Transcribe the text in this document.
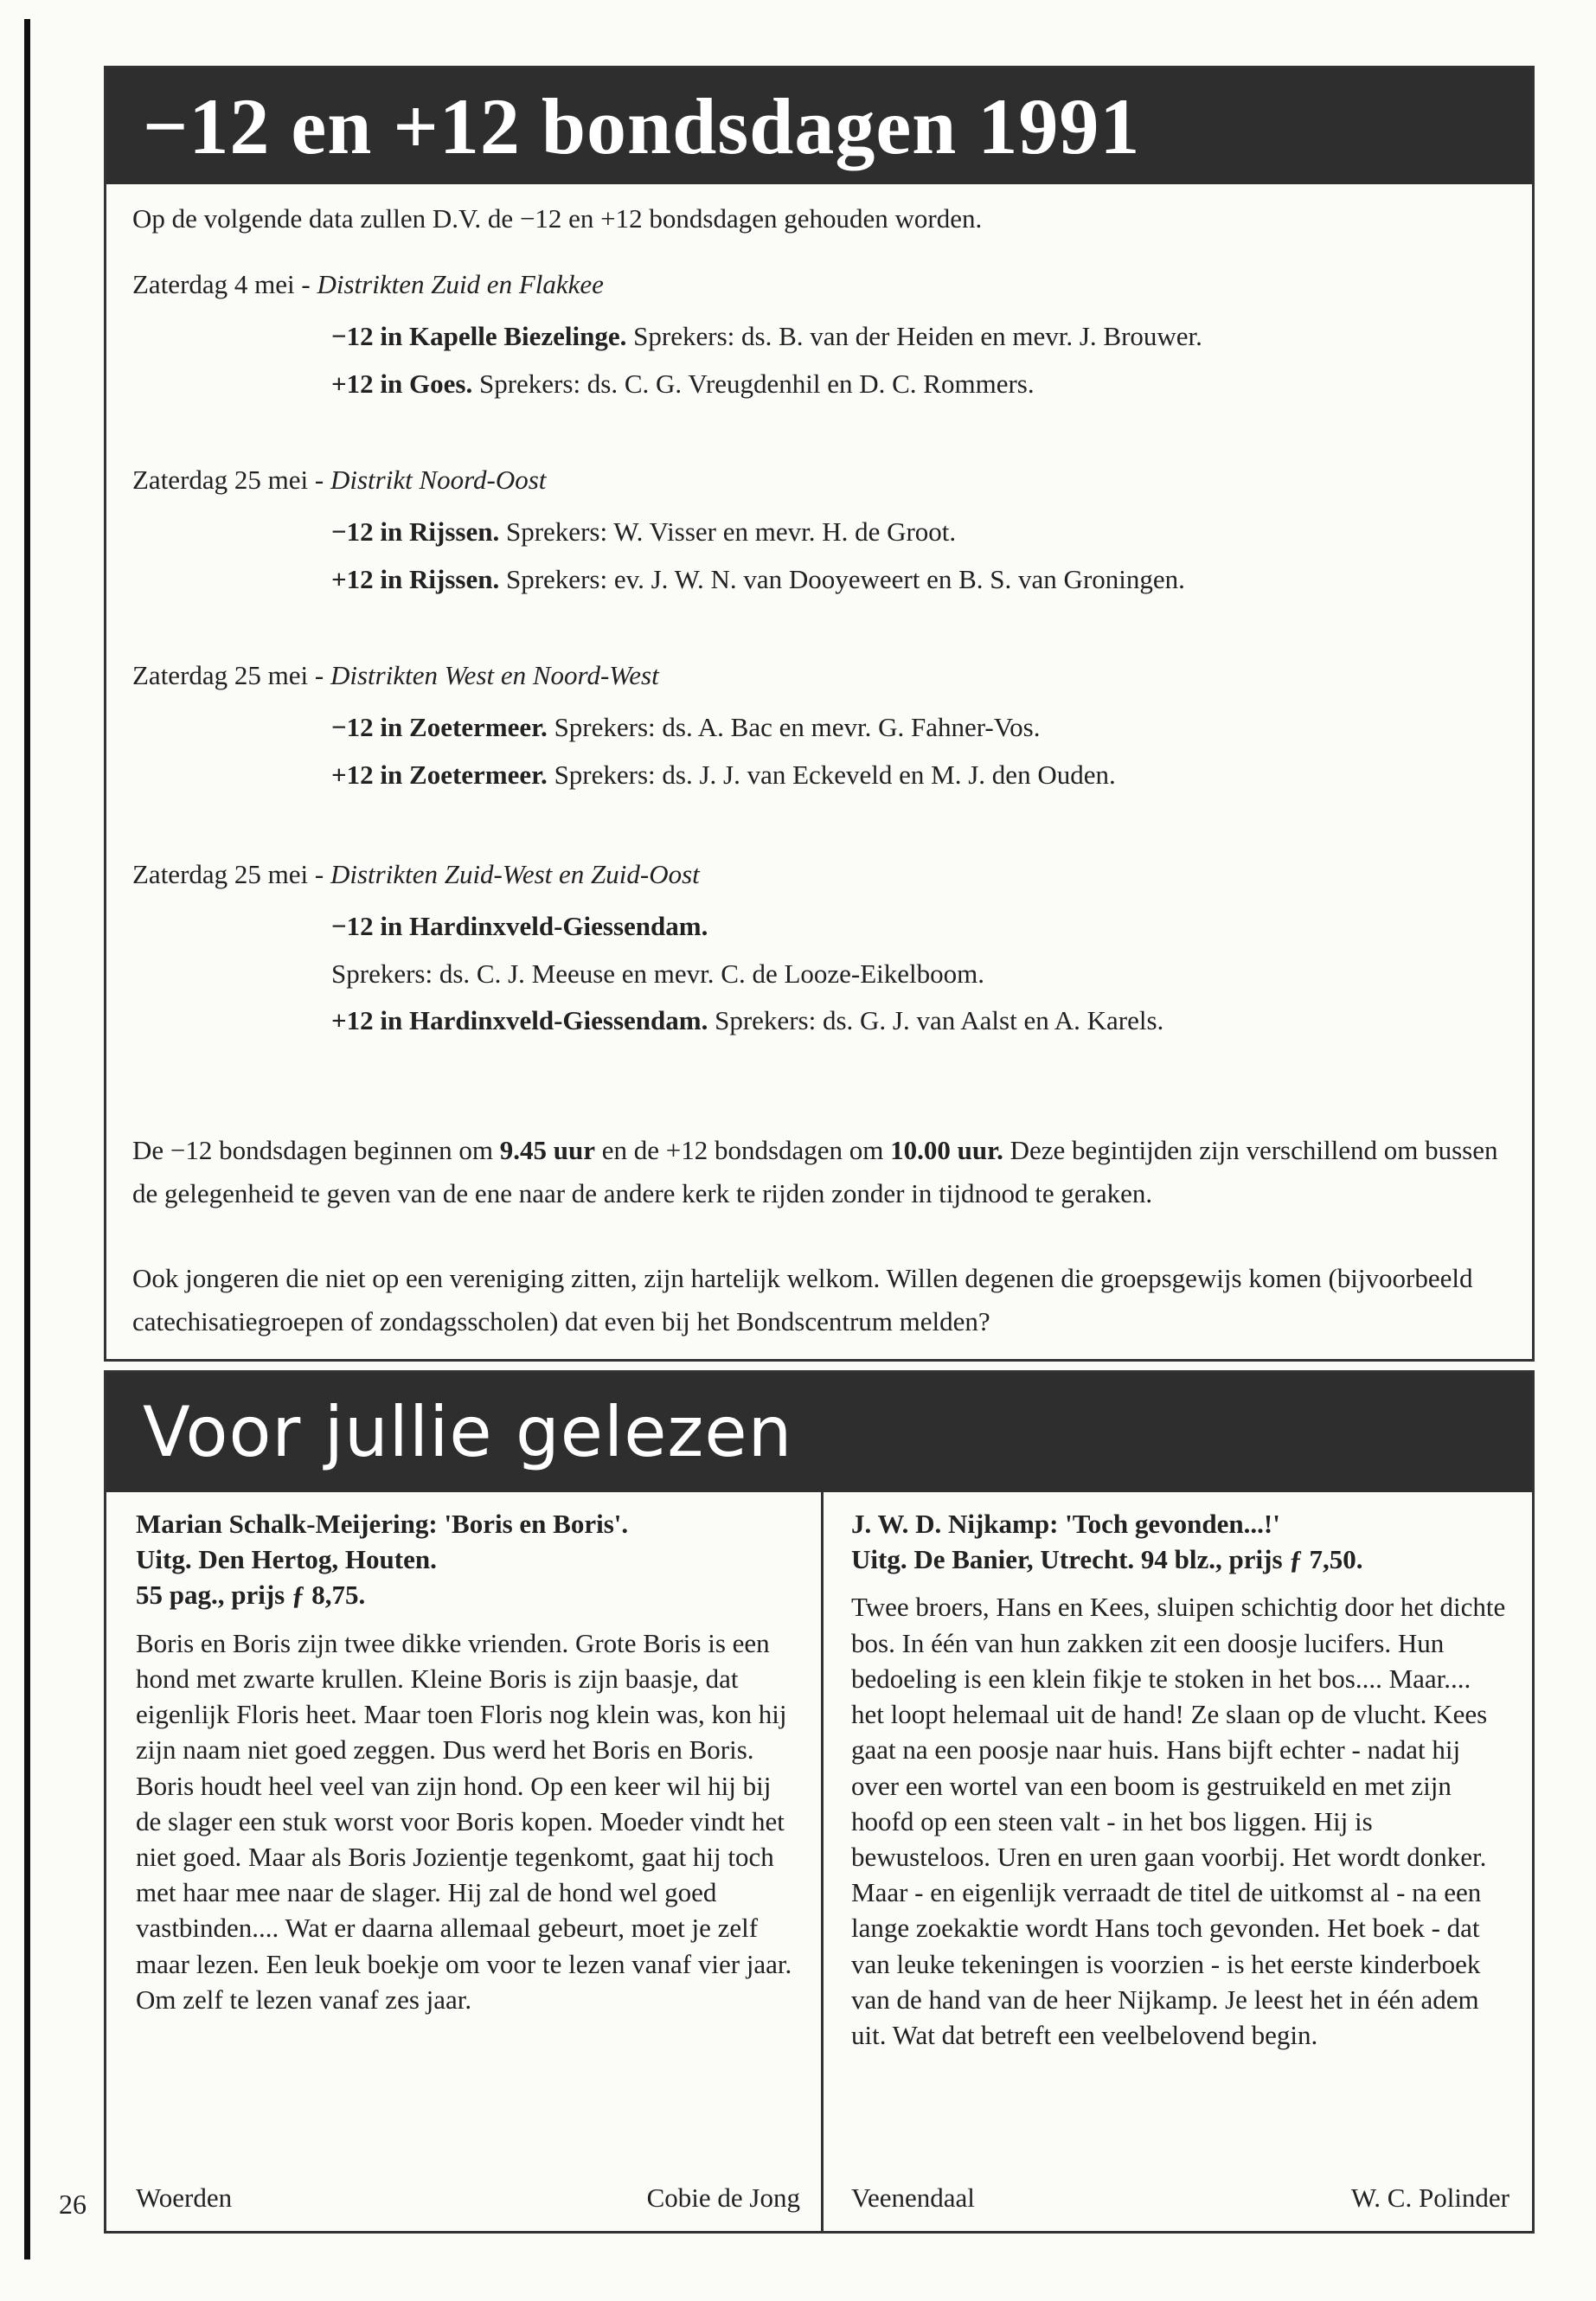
−12 en +12 bondsdagen 1991

Op de volgende data zullen D.V. de −12 en +12 bondsdagen gehouden worden.

Zaterdag 4 mei - Distrikten Zuid en Flakkee

−12 in Kapelle Biezelinge. Sprekers: ds. B. van der Heiden en mevr. J. Brouwer.

+12 in Goes. Sprekers: ds. C. G. Vreugdenhil en D. C. Rommers.

Zaterdag 25 mei - Distrikt Noord-Oost

−12 in Rijssen. Sprekers: W. Visser en mevr. H. de Groot.

+12 in Rijssen. Sprekers: ev. J. W. N. van Dooyeweert en B. S. van Groningen.

Zaterdag 25 mei - Distrikten West en Noord-West

−12 in Zoetermeer. Sprekers: ds. A. Bac en mevr. G. Fahner-Vos.

+12 in Zoetermeer. Sprekers: ds. J. J. van Eckeveld en M. J. den Ouden.

Zaterdag 25 mei - Distrikten Zuid-West en Zuid-Oost

−12 in Hardinxveld-Giessendam.

Sprekers: ds. C. J. Meeuse en mevr. C. de Looze-Eikelboom.

+12 in Hardinxveld-Giessendam. Sprekers: ds. G. J. van Aalst en A. Karels.

De −12 bondsdagen beginnen om 9.45 uur en de +12 bondsdagen om 10.00 uur. Deze begintijden zijn verschillend om bussen de gelegenheid te geven van de ene naar de andere kerk te rijden zonder in tijdnood te geraken.

Ook jongeren die niet op een vereniging zitten, zijn hartelijk welkom. Willen degenen die groepsgewijs komen (bijvoorbeeld catechisatiegroepen of zondagsscholen) dat even bij het Bondscentrum melden?

Voor jullie gelezen

Marian Schalk-Meijering: 'Boris en Boris'.
Uitg. Den Hertog, Houten.
55 pag., prijs ƒ 8,75.

Boris en Boris zijn twee dikke vrienden. Grote Boris is een hond met zwarte krullen. Kleine Boris is zijn baasje, dat eigenlijk Floris heet. Maar toen Floris nog klein was, kon hij zijn naam niet goed zeggen. Dus werd het Boris en Boris. Boris houdt heel veel van zijn hond. Op een keer wil hij bij de slager een stuk worst voor Boris kopen. Moeder vindt het niet goed. Maar als Boris Jozientje tegenkomt, gaat hij toch met haar mee naar de slager. Hij zal de hond wel goed vastbinden.... Wat er daarna allemaal gebeurt, moet je zelf maar lezen. Een leuk boekje om voor te lezen vanaf vier jaar. Om zelf te lezen vanaf zes jaar.

Woerden	Cobie de Jong

J. W. D. Nijkamp: 'Toch gevonden...!'
Uitg. De Banier, Utrecht. 94 blz., prijs ƒ 7,50.

Twee broers, Hans en Kees, sluipen schichtig door het dichte bos. In één van hun zakken zit een doosje lucifers. Hun bedoeling is een klein fikje te stoken in het bos.... Maar.... het loopt helemaal uit de hand! Ze slaan op de vlucht. Kees gaat na een poosje naar huis. Hans bijft echter - nadat hij over een wortel van een boom is gestruikeld en met zijn hoofd op een steen valt - in het bos liggen. Hij is bewusteloos. Uren en uren gaan voorbij. Het wordt donker. Maar - en eigenlijk verraadt de titel de uitkomst al - na een lange zoekaktie wordt Hans toch gevonden. Het boek - dat van leuke tekeningen is voorzien - is het eerste kinderboek van de hand van de heer Nijkamp. Je leest het in één adem uit. Wat dat betreft een veelbelovend begin.

Veenendaal	W. C. Polinder
26
